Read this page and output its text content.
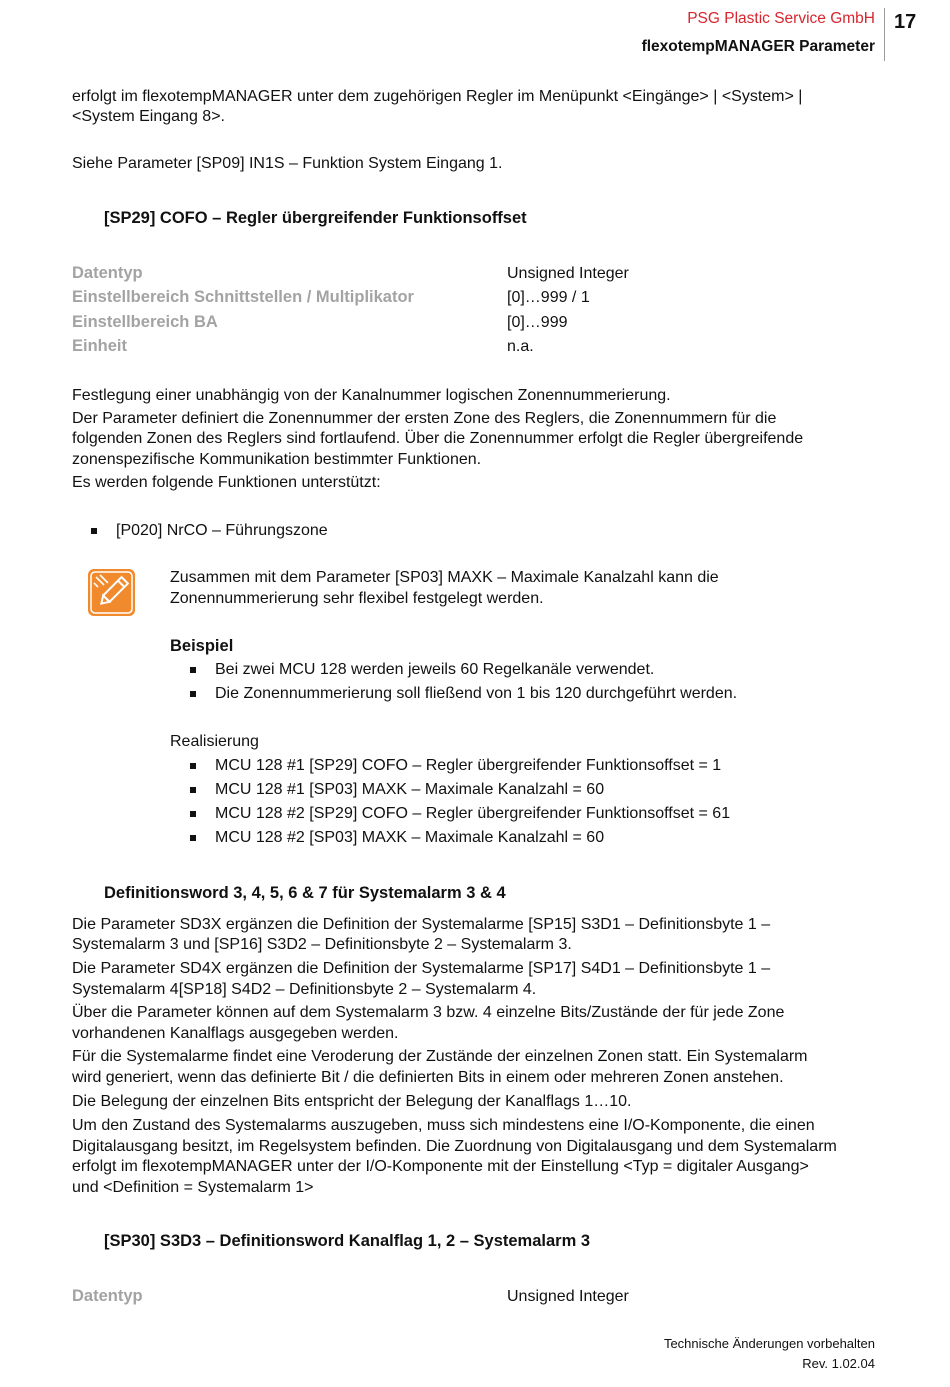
PSG Plastic Service GmbH
flexotempMANAGER Parameter
17
erfolgt im flexotempMANAGER unter dem zugehörigen Regler im Menüpunkt <Eingänge> | <System> |
<System Eingang 8>.
Siehe Parameter [SP09] IN1S – Funktion System Eingang 1.
[SP29] COFO – Regler übergreifender Funktionsoffset
Datentyp	Unsigned Integer
Einstellbereich Schnittstellen / Multiplikator	[0]…999 / 1
Einstellbereich BA	[0]…999
Einheit	n.a.
Festlegung einer unabhängig von der Kanalnummer logischen Zonennummerierung.
Der Parameter definiert die Zonennummer der ersten Zone des Reglers, die Zonennummern für die
folgenden Zonen des Reglers sind fortlaufend. Über die Zonennummer erfolgt die Regler übergreifende
zonenspezifische Kommunikation bestimmter Funktionen.
Es werden folgende Funktionen unterstützt:
[P020] NrCO – Führungszone
Zusammen mit dem Parameter [SP03] MAXK – Maximale Kanalzahl kann die
Zonennummerierung sehr flexibel festgelegt werden.
Beispiel
Bei zwei MCU 128 werden jeweils 60 Regelkanäle verwendet.
Die Zonennummerierung soll fließend von 1 bis 120 durchgeführt werden.
Realisierung
MCU 128 #1 [SP29] COFO – Regler übergreifender Funktionsoffset = 1
MCU 128 #1 [SP03] MAXK – Maximale Kanalzahl = 60
MCU 128 #2 [SP29] COFO – Regler übergreifender Funktionsoffset = 61
MCU 128 #2 [SP03] MAXK – Maximale Kanalzahl = 60
Definitionsword 3, 4, 5, 6 & 7 für Systemalarm 3 & 4
Die Parameter SD3X ergänzen die Definition der Systemalarme [SP15] S3D1 – Definitionsbyte 1 –
Systemalarm 3 und [SP16] S3D2 – Definitionsbyte 2 – Systemalarm 3.
Die Parameter SD4X ergänzen die Definition der Systemalarme [SP17] S4D1 – Definitionsbyte 1 –
Systemalarm 4[SP18] S4D2 – Definitionsbyte 2 – Systemalarm 4.
Über die Parameter können auf dem Systemalarm 3 bzw. 4 einzelne Bits/Zustände der für jede Zone
vorhandenen Kanalflags ausgegeben werden.
Für die Systemalarme findet eine Veroderung der Zustände der einzelnen Zonen statt. Ein Systemalarm
wird generiert, wenn das definierte Bit / die definierten Bits in einem oder mehreren Zonen anstehen.
Die Belegung der einzelnen Bits entspricht der Belegung der Kanalflags 1…10.
Um den Zustand des Systemalarms auszugeben, muss sich mindestens eine I/O-Komponente, die einen
Digitalausgang besitzt, im Regelsystem befinden. Die Zuordnung von Digitalausgang und dem Systemalarm
erfolgt im flexotempMANAGER unter der I/O-Komponente mit der Einstellung <Typ = digitaler Ausgang>
und <Definition = Systemalarm 1>
[SP30] S3D3 – Definitionsword Kanalflag 1, 2 – Systemalarm 3
Datentyp	Unsigned Integer
Technische Änderungen vorbehalten
Rev. 1.02.04
